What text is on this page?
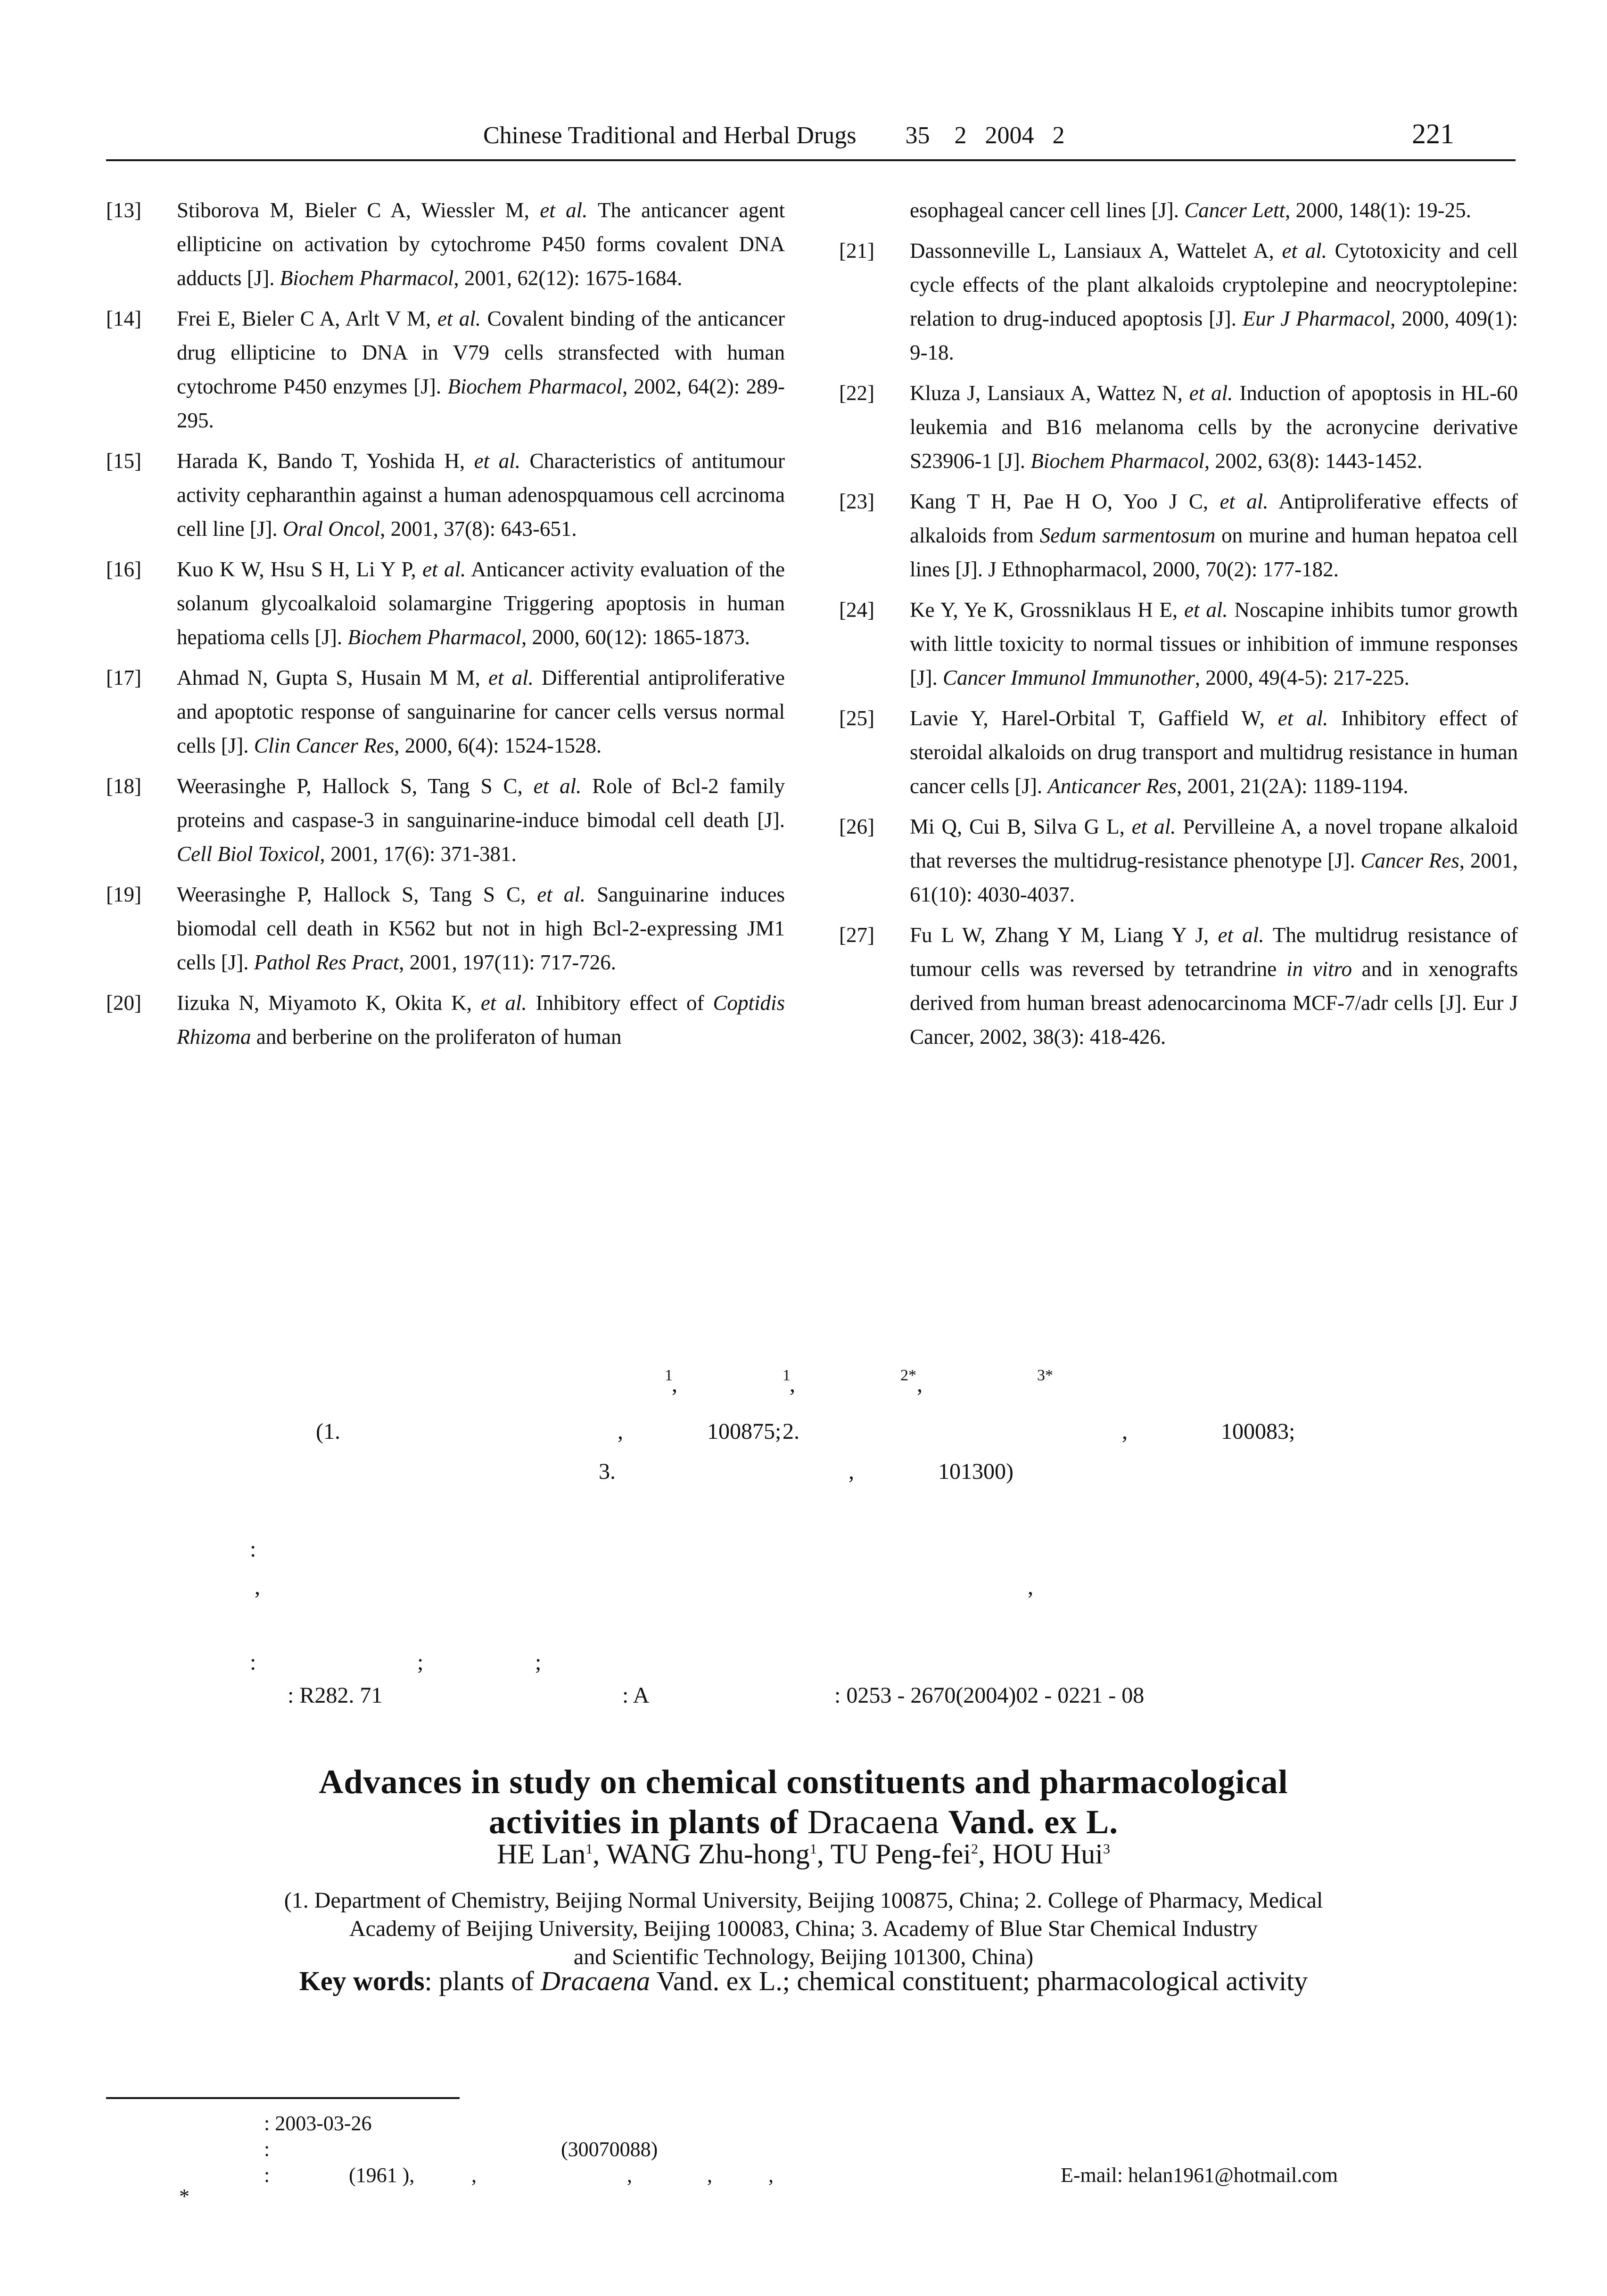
Chinese Traditional and Herbal Drugs 35    2   2004   2	221
[13]	Stiborova M, Bieler C A, Wiessler M, et al. The anticancer agent ellipticine on activation by cytochrome P450 forms covalent DNA adducts [J]. Biochem Pharmacol, 2001, 62(12): 1675-1684.
[14]	Frei E, Bieler C A, Arlt V M, et al. Covalent binding of the anticancer drug ellipticine to DNA in V79 cells stransfected with human cytochrome P450 enzymes [J]. Biochem Pharmacol, 2002, 64(2): 289-295.
[15]	Harada K, Bando T, Yoshida H, et al. Characteristics of antitumour activity cepharanthin against a human adenospquamous cell acrcinoma cell line [J]. Oral Oncol, 2001, 37(8): 643-651.
[16]	Kuo K W, Hsu S H, Li Y P, et al. Anticancer activity evaluation of the solanum glycoalkaloid solamargine Triggering apoptosis in human hepatioma cells [J]. Biochem Pharmacol, 2000, 60(12): 1865-1873.
[17]	Ahmad N, Gupta S, Husain M M, et al. Differential antiproliferative and apoptotic response of sanguinarine for cancer cells versus normal cells [J]. Clin Cancer Res, 2000, 6(4): 1524-1528.
[18]	Weerasinghe P, Hallock S, Tang S C, et al. Role of Bcl-2 family proteins and caspase-3 in sanguinarine-induce bimodal cell death [J]. Cell Biol Toxicol, 2001, 17(6): 371-381.
[19]	Weerasinghe P, Hallock S, Tang S C, et al. Sanguinarine induces biomodal cell death in K562 but not in high Bcl-2-expressing JM1 cells [J]. Pathol Res Pract, 2001, 197(11): 717-726.
[20]	Iizuka N, Miyamoto K, Okita K, et al. Inhibitory effect of Coptidis Rhizoma and berberine on the proliferaton of human
esophageal cancer cell lines [J]. Cancer Lett, 2000, 148(1): 19-25.
[21]	Dassonneville L, Lansiaux A, Wattelet A, et al. Cytotoxicity and cell cycle effects of the plant alkaloids cryptolepine and neocryptolepine: relation to drug-induced apoptosis [J]. Eur J Pharmacol, 2000, 409(1): 9-18.
[22]	Kluza J, Lansiaux A, Wattez N, et al. Induction of apoptosis in HL-60 leukemia and B16 melanoma cells by the acronycine derivative S23906-1 [J]. Biochem Pharmacol, 2002, 63(8): 1443-1452.
[23]	Kang T H, Pae H O, Yoo J C, et al. Antiproliferative effects of alkaloids from Sedum sarmentosum on murine and human hepatoa cell lines [J]. J Ethnopharmacol, 2000, 70(2): 177-182.
[24]	Ke Y, Ye K, Grossniklaus H E, et al. Noscapine inhibits tumor growth with little toxicity to normal tissues or inhibition of immune responses [J]. Cancer Immunol Immunother, 2000, 49(4-5): 217-225.
[25]	Lavie Y, Harel-Orbital T, Gaffield W, et al. Inhibitory effect of steroidal alkaloids on drug transport and multidrug resistance in human cancer cells [J]. Anticancer Res, 2001, 21(2A): 1189-1194.
[26]	Mi Q, Cui B, Silva G L, et al. Pervilleine A, a novel tropane alkaloid that reverses the multidrug-resistance phenotype [J]. Cancer Res, 2001, 61(10): 4030-4037.
[27]	Fu L W, Zhang Y M, Liang Y J, et al. The multidrug resistance of tumour cells was reversed by tetrandrine in vitro and in xenografts derived from human breast adenocarcinoma MCF-7/adr cells [J]. Eur J Cancer, 2002, 38(3): 418-426.
1
,	1
,	2* ,	3*
(1.	,	100875; 2.	,	100083;
3.	,	101300)
:
,	,
:	;	;
: R282. 71	: A	: 0253 - 2670(2004)02 - 0221 - 08
Advances in study on chemical constituents and pharmacological
activities in plants of Dracaena Vand. ex L.
HE Lan$^1$, WANG Zhu-hong$^1$, TU Peng-fei$^2$, HOU Hui$^3$
(1. Department of Chemistry, Beijing Normal University, Beijing 100875, China; 2. College of Pharmacy, Medical
Academy of Beijing University, Beijing 100083, China; 3. Academy of Blue Star Chemical Industry
and Scientific Technology, Beijing 101300, China)
Key words: plants of Dracaena Vand. ex L.; chemical constituent; pharmacological activity
: 2003-03-26
:	(30070088)
:	(1961 ),	,	,	,	,	E-mail: helan1961@hotmail.com
*
